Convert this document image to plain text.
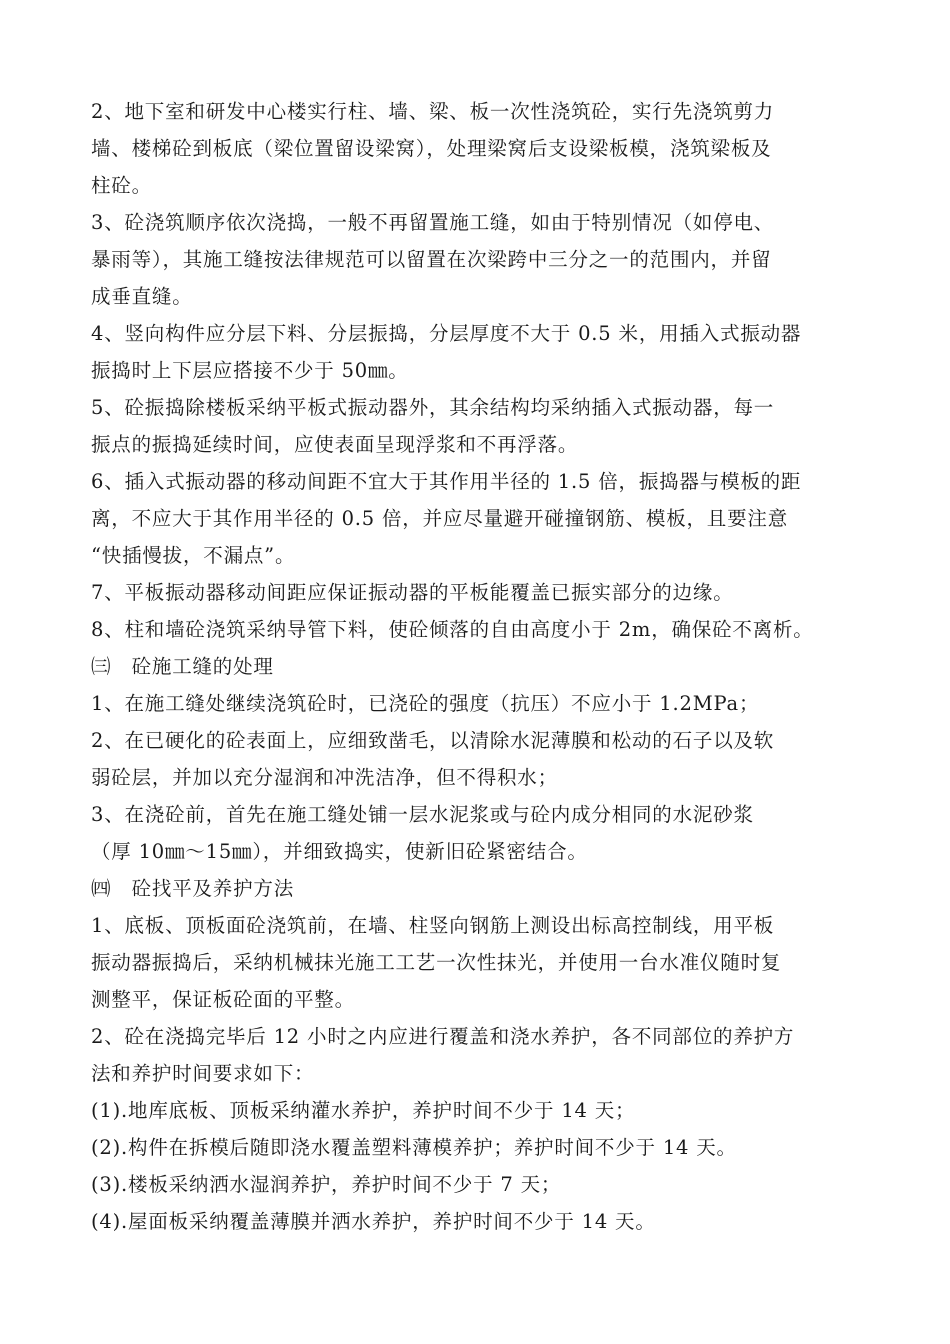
2、地下室和研发中心楼实行柱、墙、梁、板一次性浇筑砼，实行先浇筑剪力
墙、楼梯砼到板底（梁位置留设梁窝），处理梁窝后支设梁板模，浇筑梁板及
柱砼。
3、砼浇筑顺序依次浇捣，一般不再留置施工缝，如由于特别情况（如停电、
暴雨等），其施工缝按法律规范可以留置在次梁跨中三分之一的范围内，并留
成垂直缝。
4、竖向构件应分层下料、分层振捣，分层厚度不大于 0.5 米，用插入式振动器
振捣时上下层应搭接不少于 50㎜。
5、砼振捣除楼板采纳平板式振动器外，其余结构均采纳插入式振动器，每一
振点的振捣延续时间，应使表面呈现浮浆和不再浮落。
6、插入式振动器的移动间距不宜大于其作用半径的 1.5 倍，振捣器与模板的距
离，不应大于其作用半径的 0.5 倍，并应尽量避开碰撞钢筋、模板，且要注意
“快插慢拔，不漏点”。
7、平板振动器移动间距应保证振动器的平板能覆盖已振实部分的边缘。
8、柱和墙砼浇筑采纳导管下料，使砼倾落的自由高度小于 2m，确保砼不离析。
㈢　砼施工缝的处理
1、在施工缝处继续浇筑砼时，已浇砼的强度（抗压）不应小于 1.2MPa；
2、在已硬化的砼表面上，应细致凿毛，以清除水泥薄膜和松动的石子以及软
弱砼层，并加以充分湿润和冲洗洁净，但不得积水；
3、在浇砼前，首先在施工缝处铺一层水泥浆或与砼内成分相同的水泥砂浆
（厚 10㎜～15㎜），并细致捣实，使新旧砼紧密结合。
㈣　砼找平及养护方法
1、底板、顶板面砼浇筑前，在墙、柱竖向钢筋上测设出标高控制线，用平板
振动器振捣后，采纳机械抹光施工工艺一次性抹光，并使用一台水准仪随时复
测整平，保证板砼面的平整。
2、砼在浇捣完毕后 12 小时之内应进行覆盖和浇水养护，各不同部位的养护方
法和养护时间要求如下：
(1).地库底板、顶板采纳灌水养护，养护时间不少于 14 天；
(2).构件在拆模后随即浇水覆盖塑料薄模养护；养护时间不少于 14 天。
(3).楼板采纳洒水湿润养护，养护时间不少于 7 天；
(4).屋面板采纳覆盖薄膜并洒水养护，养护时间不少于 14 天。
